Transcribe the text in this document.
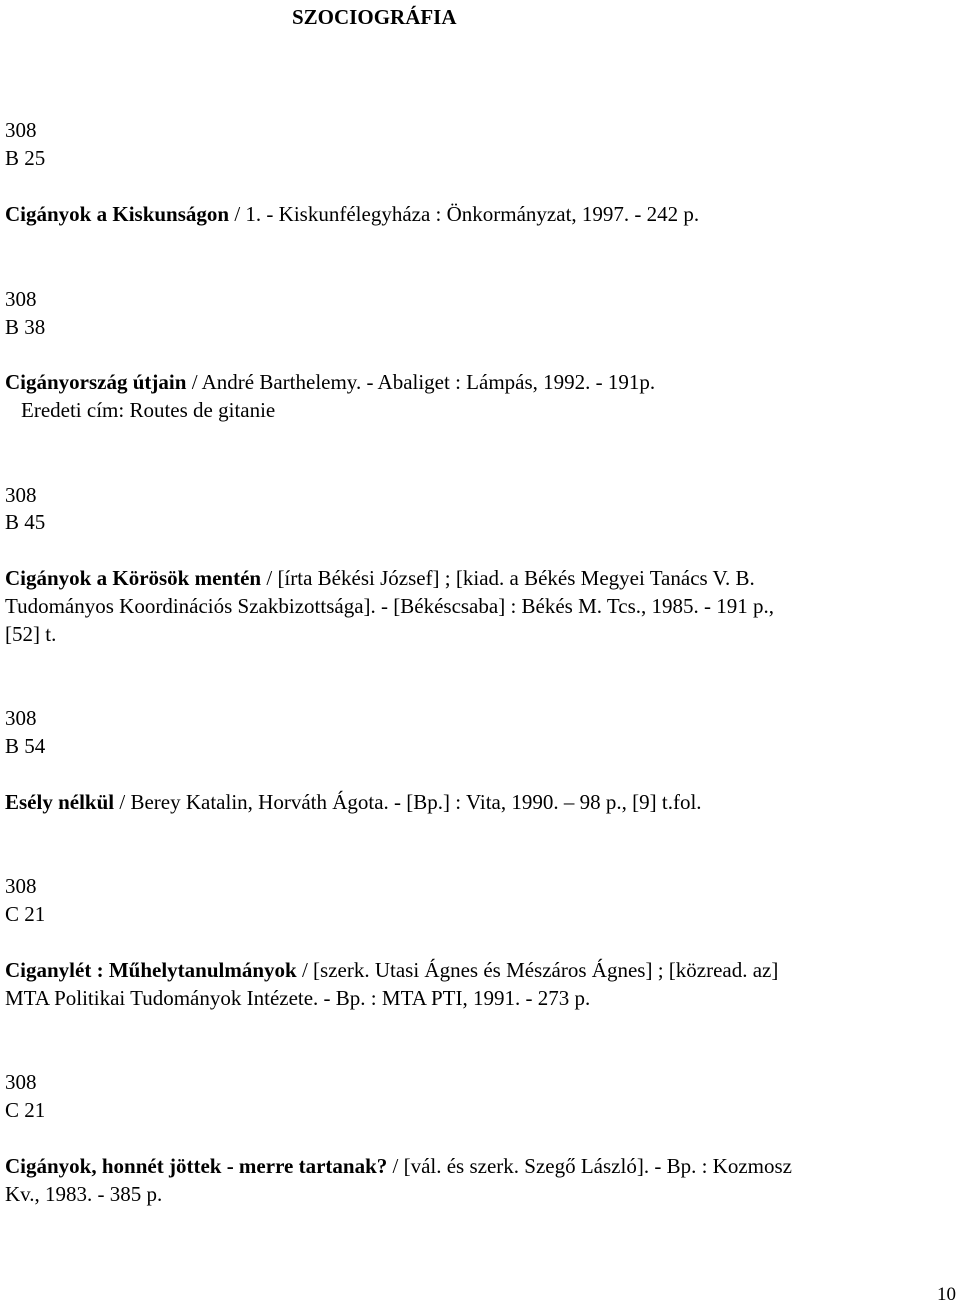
SZOCIOGRÁFIA
308
B 25
Cigányok a Kiskunságon / 1. - Kiskunfélegyháza : Önkormányzat, 1997. - 242 p.
308
B 38
Cigányország útjain / André Barthelemy. - Abaliget : Lámpás, 1992. - 191p.
Eredeti cím: Routes de gitanie
308
B 45
Cigányok a Körösök mentén / [írta Békési József] ; [kiad. a Békés Megyei Tanács V. B.
Tudományos Koordinációs Szakbizottsága]. - [Békéscsaba] : Békés M. Tcs., 1985. - 191 p.,
[52] t.
308
B 54
Esély nélkül / Berey Katalin, Horváth Ágota. - [Bp.] : Vita, 1990. – 98 p., [9] t.fol.
308
C 21
Ciganylét : Műhelytanulmányok / [szerk. Utasi Ágnes és Mészáros Ágnes] ; [közread. az]
MTA Politikai Tudományok Intézete. - Bp. : MTA PTI, 1991. - 273 p.
308
C 21
Cigányok, honnét jöttek - merre tartanak? / [vál. és szerk. Szegő László]. - Bp. : Kozmosz
Kv., 1983. - 385 p.
10
